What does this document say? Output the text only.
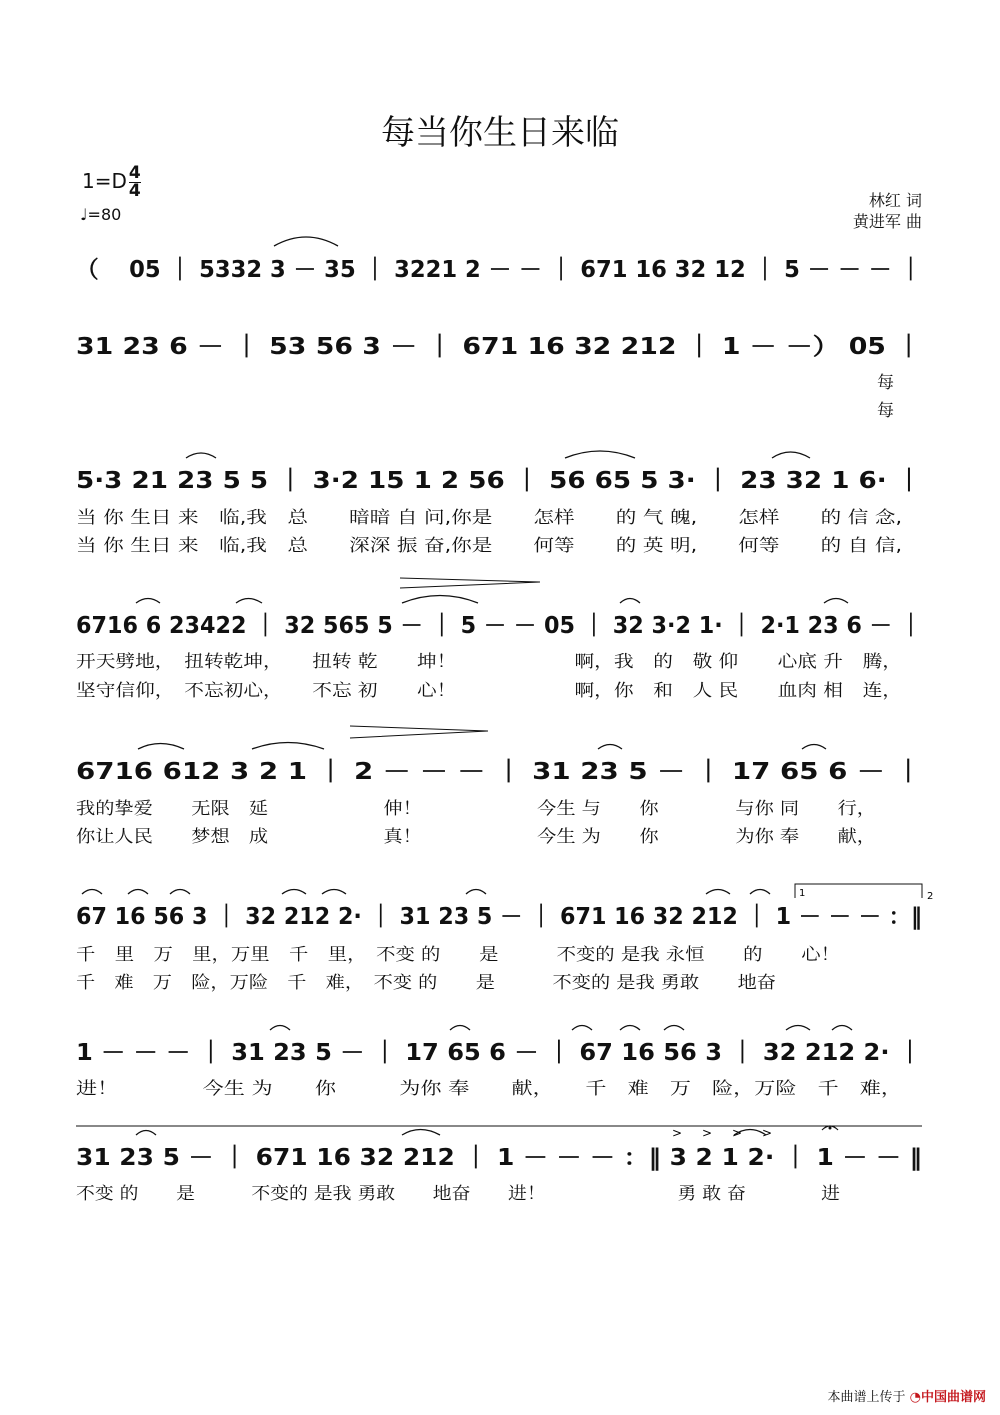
每当你生日来临
$1=D \frac{4}{4}$
♩=80
林红 词
黄进军 曲
（　 05 ｜ 5332 3 － 35 ｜ 3221 2 － － ｜ 671 16 32 12 ｜ 5 － － － ｜
31 23 6 － ｜ 53 56 3 － ｜ 671 16 32 212 ｜ 1 － －） 05 ｜
每
每
5·3 21 23 5 5 ｜ 3·2 15 1 2 56 ｜ 56 65 5 3· ｜ 23 32 1 6· ｜
当 你 生日 来　临,我　总　　暗暗 自 问,你是　　怎样　　的 气 魄,　　怎样　　的 信 念,
当 你 生日 来　临,我　总　　深深 振 奋,你是　　何等　　的 英 明,　　何等　　的 自 信,
6716 6 23422 ｜ 32 565 5 － ｜ 5 － － 05 ｜ 32 3·2 1· ｜ 2·1 23 6 － ｜
开天劈地，　扭转乾坤，　　扭转 乾　　坤！　　　　　　啊，我　的　敬 仰　　心底 升　腾，
坚守信仰，　不忘初心，　　不忘 初　　心！　　　　　　啊，你　和　人 民　　血肉 相　连，
6716 612 3 2 1 ｜ 2 － － － ｜ 31 23 5 － ｜ 17 65 6 － ｜
我的挚爱　　无限　延　　　　　　伸！　　　　　　今生 与　　你　　　　与你 同　　行，
你让人民　　梦想　成　　　　　　真！　　　　　　今生 为　　你　　　　为你 奉　　献，
1	2
67 16 56 3 ｜ 32 212 2· ｜ 31 23 5 － ｜ 671 16 32 212 ｜ 1 － － － ：‖
千　里　万　里，万里　千　里，　不变 的　　是　　　不变的 是我 永恒　　的　　心！
千　难　万　险，万险　千　难，　不变 的　　是　　　不变的 是我 勇敢　　地奋
1 － － － ｜ 31 23 5 － ｜ 17 65 6 － ｜ 67 16 56 3 ｜ 32 212 2· ｜
进！　　　　今生 为　　你　　　为你 奉　　献，　　千　难　万　险，万险　千　难，
> > > >
31 23 5 － ｜ 671 16 32 212 ｜ 1 － － － ：‖ 3 2 1 2· ｜ 1 － － ‖
不变 的　　是　　　不变的 是我 勇敢　　地奋　　进！　　　　　　　勇 敢 奋　　　　进
本曲谱上传于 ◔中国曲谱网
